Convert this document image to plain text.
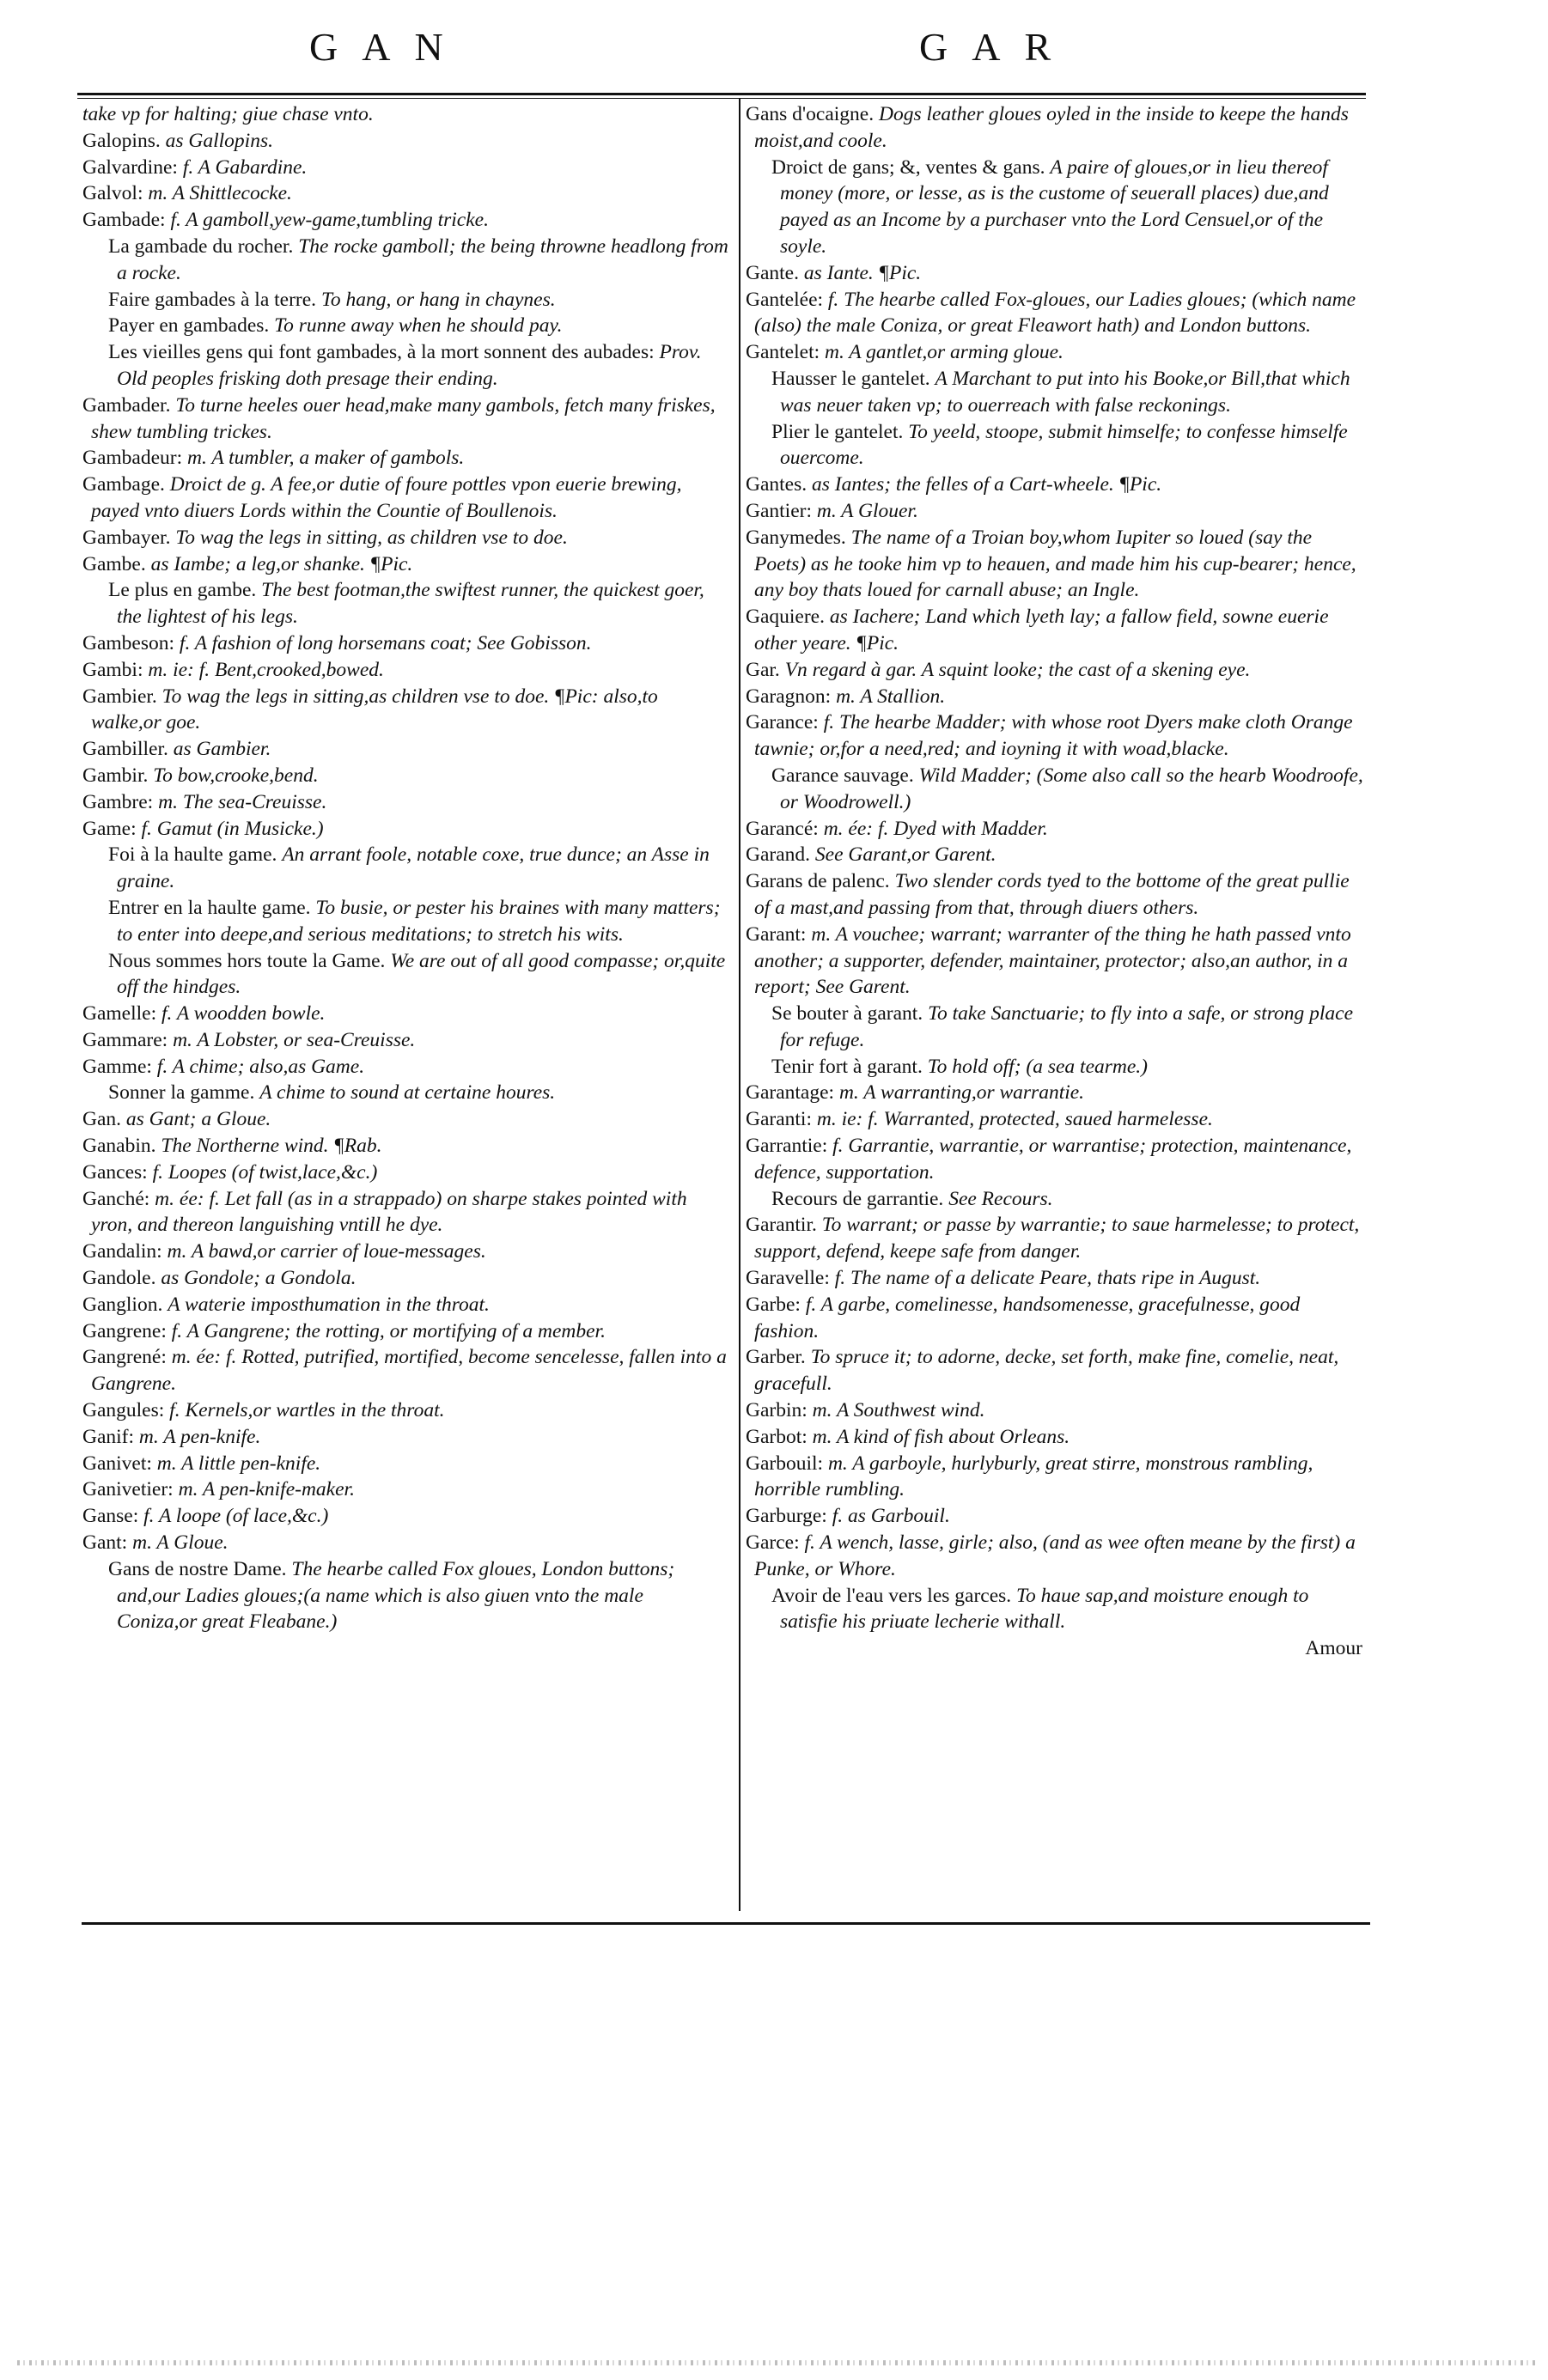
GAN	GAR
take vp for halting; giue chase vnto.
Galopins. as Gallopins.
Galvardine: f. A Gabardine.
Galvol: m. A Shittlecocke.
Gambade: f. A gamboll,yew-game,tumbling tricke.
La gambade du rocher. The rocke gamboll; the being throwne headlong from a rocke.
Faire gambades à la terre. To hang, or hang in chaynes.
Payer en gambades. To runne away when he should pay.
Les vieilles gens qui font gambades, à la mort sonnent des aubades: Prov. Old peoples frisking doth presage their ending.
Gambader. To turne heeles ouer head,make many gambols, fetch many friskes, shew tumbling trickes.
Gambadeur: m. A tumbler, a maker of gambols.
Gambage. Droict de g. A fee,or dutie of foure pottles vpon euerie brewing, payed vnto diuers Lords within the Countie of Boullenois.
Gambayer. To wag the legs in sitting, as children vse to doe.
Gambe. as Iambe; a leg,or shanke. ¶Pic.
Le plus en gambe. The best footman,the swiftest runner, the quickest goer, the lightest of his legs.
Gambeson: f. A fashion of long horsemans coat; See Gobisson.
Gambi: m. ie: f. Bent,crooked,bowed.
Gambier. To wag the legs in sitting,as children vse to doe. ¶Pic: also,to walke,or goe.
Gambiller. as Gambier.
Gambir. To bow,crooke,bend.
Gambre: m. The sea-Creuisse.
Game: f. Gamut (in Musicke.)
Foi à la haulte game. An arrant foole, notable coxe, true dunce; an Asse in graine.
Entrer en la haulte game. To busie, or pester his braines with many matters; to enter into deepe,and serious meditations; to stretch his wits.
Nous sommes hors toute la Game. We are out of all good compasse; or,quite off the hindges.
Gamelle: f. A woodden bowle.
Gammare: m. A Lobster, or sea-Creuisse.
Gamme: f. A chime; also,as Game.
Sonner la gamme. A chime to sound at certaine houres.
Gan. as Gant; a Gloue.
Ganabin. The Northerne wind. ¶Rab.
Gances: f. Loopes (of twist,lace,&c.)
Ganché: m. ée: f. Let fall (as in a strappado) on sharpe stakes pointed with yron, and thereon languishing vntill he dye.
Gandalin: m. A bawd,or carrier of loue-messages.
Gandole. as Gondole; a Gondola.
Ganglion. A waterie imposthumation in the throat.
Gangrene: f. A Gangrene; the rotting, or mortifying of a member.
Gangrené: m. ée: f. Rotted, putrified, mortified, become sencelesse, fallen into a Gangrene.
Gangules: f. Kernels,or wartles in the throat.
Ganif: m. A pen-knife.
Ganivet: m. A little pen-knife.
Ganivetier: m. A pen-knife-maker.
Ganse: f. A loope (of lace,&c.)
Gant: m. A Gloue.
Gans de nostre Dame. The hearbe called Fox gloues, London buttons; and,our Ladies gloues;(a name which is also giuen vnto the male Coniza,or great Fleabane.)
Gans d'ocaigne. Dogs leather gloues oyled in the inside to keepe the hands moist,and coole.
Droict de gans; &, ventes & gans. A paire of gloues,or in lieu thereof money (more, or lesse, as is the custome of seuerall places) due,and payed as an Income by a purchaser vnto the Lord Censuel,or of the soyle.
Gante. as Iante. ¶Pic.
Gantelée: f. The hearbe called Fox-gloues, our Ladies gloues; (which name (also) the male Coniza, or great Fleawort hath) and London buttons.
Gantelet: m. A gantlet,or arming gloue.
Hausser le gantelet. A Marchant to put into his Booke,or Bill,that which was neuer taken vp; to ouerreach with false reckonings.
Plier le gantelet. To yeeld, stoope, submit himselfe; to confesse himselfe ouercome.
Gantes. as Iantes; the felles of a Cart-wheele. ¶Pic.
Gantier: m. A Glouer.
Ganymedes. The name of a Troian boy,whom Iupiter so loued (say the Poets) as he tooke him vp to heauen, and made him his cup-bearer; hence, any boy thats loued for carnall abuse; an Ingle.
Gaquiere. as Iachere; Land which lyeth lay; a fallow field, sowne euerie other yeare. ¶Pic.
Gar. Vn regard à gar. A squint looke; the cast of a skening eye.
Garagnon: m. A Stallion.
Garance: f. The hearbe Madder; with whose root Dyers make cloth Orange tawnie; or,for a need,red; and ioyning it with woad,blacke.
Garance sauvage. Wild Madder; (Some also call so the hearb Woodroofe, or Woodrowell.)
Garancé: m. ée: f. Dyed with Madder.
Garand. See Garant,or Garent.
Garans de palenc. Two slender cords tyed to the bottome of the great pullie of a mast,and passing from that, through diuers others.
Garant: m. A vouchee; warrant; warranter of the thing he hath passed vnto another; a supporter, defender, maintainer, protector; also,an author, in a report; See Garent.
Se bouter à garant. To take Sanctuarie; to fly into a safe, or strong place for refuge.
Tenir fort à garant. To hold off; (a sea tearme.)
Garantage: m. A warranting,or warrantie.
Garanti: m. ie: f. Warranted, protected, saued harmelesse.
Garrantie: f. Garrantie, warrantie, or warrantise; protection, maintenance, defence, supportation.
Recours de garrantie. See Recours.
Garantir. To warrant; or passe by warrantie; to saue harmelesse; to protect, support, defend, keepe safe from danger.
Garavelle: f. The name of a delicate Peare, thats ripe in August.
Garbe: f. A garbe, comelinesse, handsomenesse, gracefulnesse, good fashion.
Garber. To spruce it; to adorne, decke, set forth, make fine, comelie, neat, gracefull.
Garbin: m. A Southwest wind.
Garbot: m. A kind of fish about Orleans.
Garbouil: m. A garboyle, hurlyburly, great stirre, monstrous rambling, horrible rumbling.
Garburge: f. as Garbouil.
Garce: f. A wench, lasse, girle; also, (and as wee often meane by the first) a Punke, or Whore.
Avoir de l'eau vers les garces. To haue sap,and moisture enough to satisfie his priuate lecherie withall.
Amour
